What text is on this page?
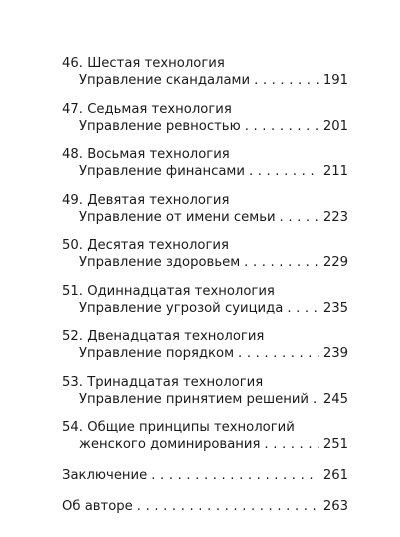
46. Шестая технология
Управление скандалами . . .	191
47. Седьмая технология
Управление ревностью . . .	201
48. Восьмая технология
Управление финансами . . .	211
49. Девятая технология
Управление от имени семьи . . .	223
50. Десятая технология
Управление здоровьем . . .	229
51. Одиннадцатая технология
Управление угрозой суицида . . .	235
52. Двенадцатая технология
Управление порядком . . .	239
53. Тринадцатая технология
Управление принятием решений . . . 245
54. Общие принципы технологий
женского доминирования . . .	251
Заключение . . .	261
Об авторе . . .	263
